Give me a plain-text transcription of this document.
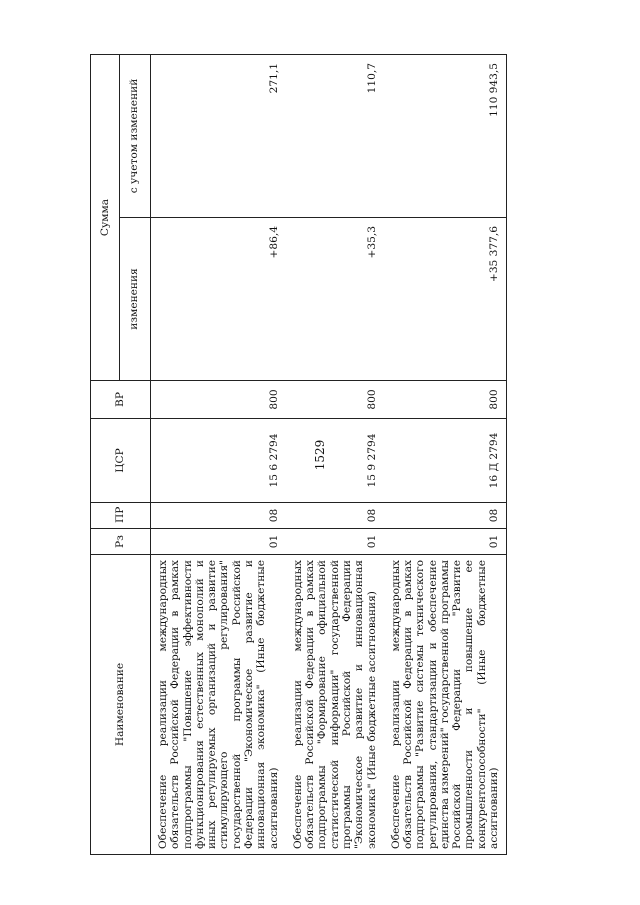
1529
Наименование	Рз	ПР	ЦСР	ВР	Сумма	
					изменения	с учетом изменений
Обеспечение реализации международных обязательств Российской Федерации в рамках подпрограммы "Повышение эффективности функционирования естественных монополий и иных регулируемых организаций и развитие стимулирующего регулирования" государственной программы Российской Федерации "Экономическое развитие и инновационная экономика" (Иные бюджетные ассигнования)	01	08	15 6 2794	800	+86,4	271,1
Обеспечение реализации международных обязательств Российской Федерации в рамках подпрограммы "Формирование официальной статистической информации" государственной программы Российской Федерации "Экономическое развитие и инновационная экономика" (Иные бюджетные ассигнования)	01	08	15 9 2794	800	+35,3	110,7
Обеспечение реализации международных обязательств Российской Федерации в рамках подпрограммы "Развитие системы технического регулирования, стандартизации и обеспечение единства измерений" государственной программы Российской Федерации "Развитие промышленности и повышение ее конкурентоспособности" (Иные бюджетные ассигнования)	01	08	16 Д 2794	800	+35 377,6	110 943,5
